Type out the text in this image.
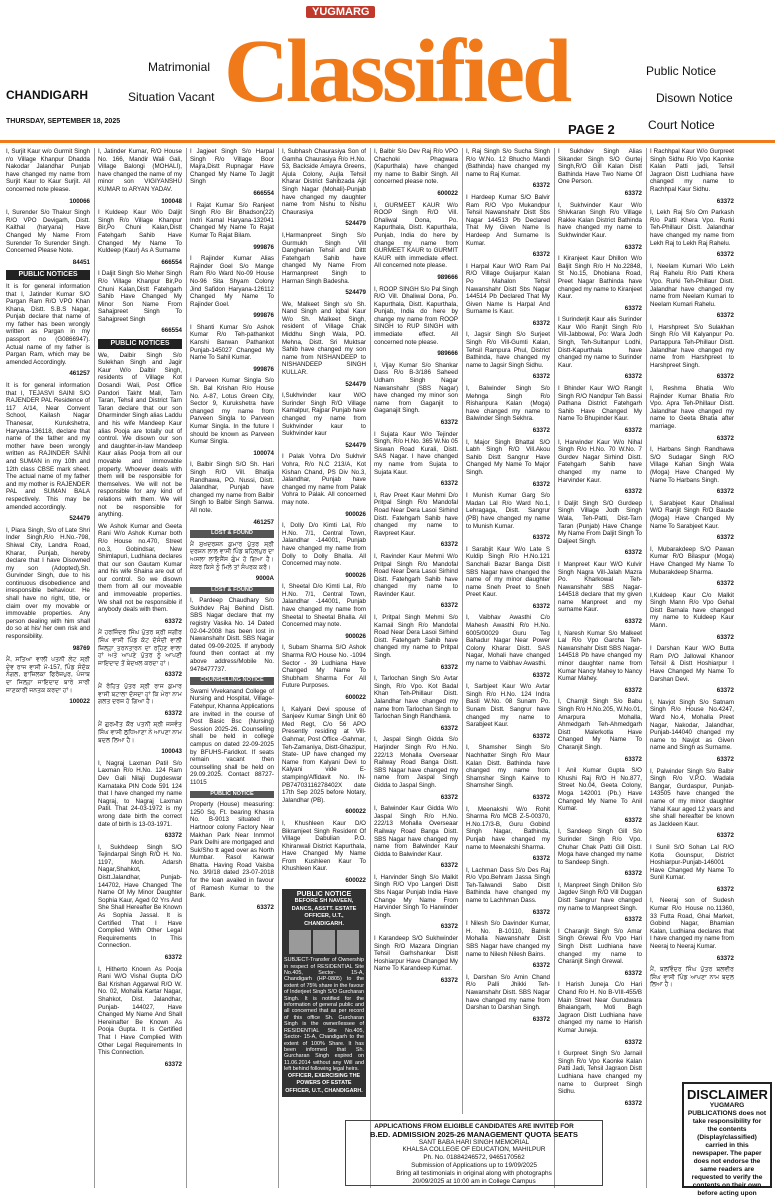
CHANDIGARH
THURSDAY, SEPTEMBER 18, 2025
Matrimonial
Situation Vacant
YUGMARG
Classified
PAGE 2
Public Notice
Disown Notice
Court Notice

I, Surjit Kaur w/o Gurmit Singh r/o Village Khanpur Dhadda Nakodar Jalandhar Punjab have changed my name from Surjit Kaur to Kaur Surjit. All concerned note please.

100066

I, Surender S/o Thakur Singh R/O VPO Devigarh, Distt. Kaithal (haryana) Have Changed My Name From Surender To Surender Singh. Concerned Please Note.

84451
PUBLIC NOTICES

It is for general information that I, Jatinder Kumar S/O Pargan Ram R/O VPO Khan Khana, Distt. S.B.S Nagar, Punjab declare that name of my father has been wrongly written as Pargan in my passport no (G0866947). Actual name of my father is Pargan Ram, which may be amended Accordingly.

461257

It is for general information that I, TEJASVI SAINI S/O RAJENDER PAL Residence of 117 A/14, Near Convent School, Kailash Nagar Thanesar, Kurukshetra, Haryana-136118, declare that name of the father and my mother have been wrongly written as RAJINDER SAINI and SUMAN in my 10th and 12th class CBSE mark sheet. The actual name of my father and my mother is RAJENDER PAL and SUMAN BALA respectively. This may be amended accordingly.

524479

I, Piara Singh, S/o of Late Shri Inder Singh,R/o H.No.-798, Shiwal City, Landra Road, Kharar, Punjab, hereby declare that I have Disowned my son (Adopted),Sh. Gurvinder Singh, due to his continuous disobedience and irresponsible behaviour. He shall have no right, title, or claim over my movable or immovable properties. Any person dealing with him shall do so at his/ her own risk and responsibility.

98769

ਮੈਂ, ਸਤਿਆ ਵਾਲੀ ਪਤਨੀ ਲੇਟ ਸ਼੍ਰੀ ਦੇਵ ਰਾਜ ਵਾਸੀ ਮੋ-157, ਪਿੰਡ ਸੰਦੋਕ ਨੰਗਲ, ਫਾਜ਼ਿਲਕਾ ਫਿਰੋਜ਼ਪੁਰ, ਪੰਜਾਬ ਦਾ ਜਿਲ੍ਹਾ ਜਾਇਦਾਦ ਬਾਰੇ ਸਾਰੀ ਜਾਣਕਾਰੀ ਜਨਤਕ ਕਰਦਾ ਹਾਂ।

100022

I, Jatinder Kumar, R/O House No. 166, Mandir Wali Gali, Village Balongi (MOHALI), have changed the name of my minor son VIGIYANSHU KUMAR to ARYAN YADAV.

100048

I Kuldeep Kaur W/o Daljit Singh R/o Village Khanpur Bir,Po Chuni Kalan,Distt Fatehgarh Sahib Have Changed My Name To Kuldeep (Kaur) As A Surname

666554

I Daljit Singh S/o Meher Singh R/o Village Khanpur Bir,Po Chuni Kalan,Distt Fatehgarh Sahib Have Changed My Minor Son Name From Sahajpreet Singh To Sahajpreet Singh

666554
PUBLIC NOTICES

We, Dalbir Singh S/o Sulekhan Singh and Jagir Kaur W/o Dalbir Singh, residents of Village Kot Dosandi Wali, Post Office Pandori Takht Mall, Tarn Taran, Tehsil and District Tarn Taran declare that our son Dharminder Singh alias Laddu and his wife Mandeep Kaur alias Pooja are totally out of control. We disown our son and daughter-in-law Mandeep Kaur alias Pooja from all our movable and immovable property. Whoever deals with them will be responsible for themselves. We will not be responsible for any kind of relations with them. We will not be responsible for anything.

We Ashok Kumar and Geeta Rani W/o Ashok Kumar both R/o House no.470, Street no.3, Gobindsar, New Shimlapuri, Ludhiana declares that our son Gautam Kumar and his wife Shaina are out of our control. So we disown them from all our moveable and immoveable properties. We shall not be responsible if anybody deals with them.

63372

ਮੈਂ ਹਰਜਿੰਦਰ ਸਿੰਘ ਪੁੱਤਰ ਸ਼੍ਰੀ ਜਗੀਰ ਸਿੰਘ ਵਾਸੀ ਪਿੰਡ ਕੋਟ ਦੋਸੰਦੀ ਵਾਲੀ ਜ਼ਿਲ੍ਹਾ ਤਰਨਤਾਰਨ ਦਾ ਰਹਿਣ ਵਾਲਾ ਹਾਂ ਅਤੇ ਆਪਣੇ ਪੁੱਤਰ ਨੂੰ ਆਪਣੀ ਜਾਇਦਾਦ ਤੋਂ ਬੇਦਖਲ ਕਰਦਾ ਹਾਂ।

63372

ਮੈਂ ਰੋਹਿਤ ਪੁੱਤਰ ਸ਼੍ਰੀ ਰਾਜ ਕੁਮਾਰ ਵਾਸੀ ਬਟਾਲਾ ਦੱਸਦਾ ਹਾਂ ਕਿ ਮੇਰਾ ਨਾਮ ਗਲਤ ਦਰਜ ਹੋ ਗਿਆ ਹੈ।

63372

ਮੈਂ ਗੁਰਮੀਤ ਕੌਰ ਪਤਨੀ ਸ਼੍ਰੀ ਜਸਵੰਤ ਸਿੰਘ ਵਾਸੀ ਲੁਧਿਆਣਾ ਨੇ ਆਪਣਾ ਨਾਮ ਬਦਲ ਲਿਆ ਹੈ।

100043

I, Nagraj Laxman Patil S/o Laxman R/o H.No. 124 Ram Dev Gali Nilaji Dugdeswar Karnataka PIN Code 591 124 that I have changed my name Nagraj, to Nagraj Laxman Patil. That 24-03-1972 is my wrong date birth the correct date of birth is 13-03-1971.

63372

I, Sukhdeep Singh S/O Tejindarpal Singh R/O H. No. 1197, Moh. Adarsh Nagar,Shahkot, Distt.Jalandhar, Punjab-144702, Have Changed The Name Of My Minor Daughter Sophia Kaur, Aged 02 Yrs And She Shall Hereafter Be Known As Sophia Jassal. It is Certified That I Have Complied With Other Legal Requirements In This Connection.

63372

I, Hitherto Known As Pooja Rani W/O Vishal Gupta D/O Bal Krishan Aggarwal R/O W. No. 02, Mohalla Kartar Nagar, Shahkot, Dist. Jalandhar, Punjab- 144027, Have Changed My Name And Shall Hereinafter Be Known As Pooja Gupta. It is Certified That I Have Complied With Other Legal Requirements In This Connection.

63372

I Jagjeet Singh S/o Harpal Singh R/o Village Boor Majra,Distt Rupnagar Have Changed My Name To Jagjit Singh

666554

I Rajat Kumar S/o Ranjeet Singh R/o Bir Bhadson(22) Indri Karnal Haryana-132041 Changed My Name To Rajat Kumar To Rajat Bilam.

999876

I Rajinder Kumar Alias Rajinder Goel S/o Mange Ram R/o Ward No-09 House No-96 Sita Shyam Colony Jind Safidon Haryana-126112 Changed My Name To Rajinder Goel.

999876

I Shanti Kumar S/o Ashok Kumar R/o Teh-pathankot Kanshi Barwan Pathankot Punjab-145027 Changed My Name To Sahil Kumar.

999876

I Parveen Kumar Singla S/o Sh. Bal Krishan R/o House No. A-87, Lotus Green City, Sector 9, Kurukshetra have changed my name from Parveen Singla to Parveen Kumar Singla. In the future I should be known as Parveen Kumar Singla.

100074

I, Balbir Singh S/O Sh. Hari Singh R/O Vill. Bhatija Randhawa, PO. Nussi, Distt. Jalandhar, Punjab have changed my name from Balbir Singh to Balbir Singh Sanwa. All note.

461257
LOST & FOUND

ਮੈਂ ਸੁਖਦਰਸ਼ਨ ਕੁਮਾਰ ਪੁੱਤਰ ਸ਼੍ਰੀ ਦਰਸ਼ਨ ਲਾਲ ਵਾਸੀ ਪਿੰਡ ਬਹਿਲਪੁਰ ਦਾ ਅਸਲਾ ਲਾਇਸੈਂਸ ਗੁੰਮ ਹੋ ਗਿਆ ਹੈ। ਜੇਕਰ ਕਿਸੇ ਨੂੰ ਮਿਲੇ ਤਾਂ ਸੰਪਰਕ ਕਰੋ।

9000A
LOST & FOUND

I, Pardeep Chaudhary S/o Sukhdev Raj Behind Distt. SBS Nagar declare that my registry Vasika No. 14 Dated 02-04-2008 has been lost in Nawanshahr Distt. SBS Nagar dated 09-09-2025. If anybody found then contact at my above address/Mobile No. 9478477737.

COUNSELLING NOTICE

Swami Vivekanand College of Nursing and Hospital, Village-Fatehpur, Khanna Applications are invited in the course of Post Basic Bsc (Nursing) Session 2025-26. Counselling shall be held in college campus on dated 22-09-2025 by BFUHS-Faridkot. If seats remain vacant then counselling shall be held on 29.09.2025. Contact 88727-11015

PUBLIC NOTICE

Property (House) measuring: 1250 Sq. Ft. bearing Khasra No. B-9013 situated in Hartnoor colony Factory Near Makhan Park Near Inmmol Park Delhi are mortgaged and Suk/Sho tt aged over as North Mumbar. Rasol Kanwar Bhatta. Having Road Vaisba No. 3/9/18 dated 23-07-2018 for the loan availed in favour of Ramesh Kumar to the Bank.

63372

I, Subhash Chaurasiya Son of Gamha Chaurasiya R/o H.No. 53, Backside Amayra Greens, Ajula Colony, Aujla Tehsil Kharar District Sahibzada Ajit Singh Nagar (Mohali)-Punjab have changed my daughter name from Nishu to Nishu Chaurasiya

524479

I,Harmanpreet Singh S/o Gurmukh Singh Vill Dangherian Tehsil and Dittt Fatehgarh Sahib have changed My Name From Harmanpreet Singh to Harman Singh Badesha.

524479

We, Malkeet Singh s/o Sh. Nand Singh and Iqbal Kaur W/o Sh. Malkeet Singh, resident of Village Chak Middhu Singh Wala, PO. Mehna, Distt. Sri Muktsar Sahib have changed my son name from NISHANDEEP to NISHANDEEP SINGH KULLAR.

524479

I,Sukhvinder kaur W/O Surinder Singh R/O Village Kamalpur, Rajpar Punjab have changed my name from Sukhvinder kaur to Sukhvinder kaur

524479

I Palak Vohra D/o Sukhvir Vohra, R/o N.C 213/A, Kot Kishan Chand, PS Div No.3, Jalandhar, Punjab have changed my name from Palak Vohra to Palak. All concerned may note.

900026

I, Dolly D/o Kimti Lal, R/o H.No. 7/1, Central Town, Jalandhar -144001, Punjab have changed my name from Dolly to Dolly Bhalla. All Concerned may note.

900026

I, Sheetal D/o Kimti Lal, R/o H.No. 7/1, Central Town, Jalandhar -144001, Punjab have changed my name from Sheetal to Sheetal Bhalla. All Concerned may note.

900026

I, Subam Sharma S/O Ashok Sharma R/O House No. -1094 Sector - 39 Ludhiana Have Changed My Name To Shubham Sharma For All Future Purposes.

600022

I, Kalyani Devi spouse of Sanjeev Kumar Singh Unit 60 Med Regt, C/o 56 APO Presently residing at Vill-Gahmar, Post Office -Gahmar, Teh-Zamaniya, Distt-Ghazipur, State- UP have changed my Name from Kalyani Devi to Kalyani vide E-stamping/Affidavit No. IN-PB74703116278402X date 17th Sep 2025 before Notary, Jalandhar (PB).

600022

I, Khushleen Kaur D/O Bikramjeet Singh Resident Of Village Dabulian P.O. Khiranwali District Kapurthala, Have Changed My Name From Kushleen Kaur To Khushleen Kaur.

600022
PUBLIC NOTICE
BEFORE SH NAVEEN, DANCS, ASSTT. ESTATE OFFICER, U.T., CHANDIGARH.
SUBJECT-Transfer of Ownership in respect of RESIDENTIAL Site No.405, Sector- 15-A, Chandigarh (HP-0805) to the extent of 75% share in the favour of Inderjeet Singh S/O Gurcharan Singh. It is notified for the information of general public and all concerned that as per record of this office Sh. Gurcharan Singh is the owner/lessee of RESIDENTIAL Site No.405, Sector- 15-A, Chandigarh to the extent of 100% Share. It has been informed that Sh. Gurcharan Singh expired on 11.06.2014 without any Will and left behind following legal heirs.
OFFICER, EXERCISING THE POWERS OF ESTATE OFFICER, U.T., CHANDIGARH.

I, Balbir S/o Dev Raj R/o VPO Chachoki Phagwara (Kapurthala) have changed my name to Balbir Singh. All concerned please note.

600022

I, GURMEET KAUR W/o ROOP Singh R/O Vill. Dhaliwal Dona, Po. Kapurthala, Distt. Kapurthala, Punjab, India do here by change my name from GURMEET KAUR to GURMIT KAUR with immediate effect. All concerned note please.

989666

I, ROOP SINGH S/o Pal Singh R/O Vill. Dhaliwal Dona, Po. Kapurthala, Distt. Kapurthala, Punjab, India do here by change my name from ROOP SINGH to RUP SINGH with immediate effect. All concerned note please.

989666

I, Vijay Kumar S/o Shankar Dass R/o B-3/186 Saheed Udham Singh Nagar Nawanshahr (SBS Nagar) have changed my minor son name from Gaganjit to Gaganajit Singh.

63372

I Sujata Kaur W/o Tejinder Singh, R/o H.No. 365 W.No 05 Siswan Road Kurali, Distt. SAS Nagar. I have changed my name from Sujata to Sujata Kaur.

63372

I, Rav Preet Kaur Mehmi D/o Pritpal Singh R/o Mandofal Road Near Dera Lasoi Sirhind Distt. Fatehgarh Sahib have changed my name to Ravpreet Kaur.

63372

I, Ravinder Kaur Mehmi W/o Pritpal Singh R/o Mandofal Road Near Dera Lasoi Sirhind Distt. Fatehgarh Sahib have changed my name to Ravinder Kaur.

63372

I, Pritpal Singh Mehmi S/o Karnail Singh R/o Mandofal Road Near Dera Lasoi Sirhind Distt. Fatehgarh Sahib have changed my name to Pritpal Singh.

63372

I, Tarlochan Singh S/o Avtar Singh, R/o Vpo. Kot Badal Khan Teh-Phillaur Distt. Jalandhar have changed my name from Tarlochan Singh to Tarlochan Singh Randhawa.

63372

I, Jaspal Singh Gidda S/o Harjinder Singh R/o H.No. 222/13 Mohalla Overseaar Railway Road Banga Distt. SBS Nagar have changed my name from Jaspal Singh Gidda to Jaspal Singh.

63372

I, Balwinder Kaur Gidda W/o Jaspal Singh R/o H.No. 222/13 Mohalla Overseaar Railway Road Banga Distt. SBS Nagar have changed my name from Balwinder Kaur Gidda to Balwinder Kaur.

63372

I, Harvinder Singh S/o Malkit Singh R/O Vpo Langeri Distt Sbs Nagar Punjab India Have Change My Name From Harvinder Singh To Harwinder Singh.

63372

I Karandeep S/O Sukhwinder Singh R/O Mazara Dingrian Tehsil Garhshankar Distt Hoshiarpur Have Changed My Name To Karandeep Kumar.

63372

I, Raj Singh S/o Sucha Singh R/o W.No. 12 Bhucho Mandi (Bathinda) have changed my name to Raj Kumar.

63372

I Hardeep Kumar S/O Balvir Ram R/O Vpo Mukandpur Tehsil Nawanshahr Distt Sbs Nagar 144513 Pb Declared That My Given Name Is Hardeep And Surname Is Kumar.

63372

I Harpal Kaur W/O Ram Pal R/O Village Guijarpur Kalan Po Mahalon Tehsil Nawanshahr Distt Sbs Nagar 144514 Pb Declared That My Given Name Is Harpal And Surname Is Kaur.

63372

I, Jagsir Singh S/o Surjeet Singh R/o Vill-Gumti Kalan, Tehsil Rampura Phul, District Bathinda, have changed my name to Jagsir Singh Sidhu.

63372

I, Balwinder Singh S/o Mehnga Singh R/o Rishanpura Kalan (Moga) have changed my name to Balwinder Singh Sekhra.

63372

I, Major Singh Bhattal S/O Labh Singh R/O Vill.Akou Sahib Distt Sangrur Have Changed My Name To Major Singh.

63372

I Munish Kumar Garg S/o Madan Lal R/o Ward No.1, Lehragaga, Distt. Sangrur (PB) have changed my name to Munish Kumar.

63372

I Sarabjit Kaur W/o Late S Kuldip Singh R/o H.No.121 Sanchali Bazar Banga Distt SBS Nagar have changed the name of my minor daughter name Sneh Preet to Sneh Preet Kaur.

63372

I, Vaibhav Awasthi C/o Mahesh Awasthi R/o H.No. 6005/00029 Guru Teg Bahadur Nagar Near Power Colony Kharar Distt. SAS Nagar, Mohali have changed my name to Vaibhav Awasthi.

63372

I, Sarbjeet Kaur W/o Avtar Singh R/o H.No. 124 Indra Basti W.No. 08 Sunam Po. Sunam Distt. Sangrur have changed my name to Sarabjeet Kaur.

63372

I, Shamsher Singh S/o Nachhatter Singh R/o Maur Kalan Distt. Bathinda have changed my name from Shamsher Singh Kairve to Shamsher Singh.

63372

I, Meenakshi W/o Rohit Sharma R/o MCB Z-5-00370, H.No.17/3-B, Guru Gobind Singh Nagar, Bathinda, Punjab have changed my name to Meenakshi Sharma.

63372

I, Lachman Dass S/o Des Raj R/o Vpo.Behram Jassa Singh Teh-Talwandi Sabo Distt Bathinda have changed my name to Lachhman Dass.

63372

I Nilesh S/o Davinder Kumar, H. No. B-10110, Balmik Mohalla Nawanshahr Distt SBS Nagar have changed my name to Nilesh Nilesh Bains.

63372

I, Darshan S/o Amin Chand R/o Palli Jhikki Teh-Nawanshahr Distt. SBS Nagar have changed my name from Darshan to Darshan Singh.

63372

I Sukhdev Singh Alias Sikander Singh S/O Gurtej Singh,R/O Gill Kalan Distt Bathinda Have Two Name Of One Person.

63372

I, Sukhvinder Kaur W/o Shivkaran Singh R/o Village Rakke Kalan District Bathinda have changed my name to Sukhwinder Kaur.

63372

I Kiranjeet Kaur Dhillon W/o Baljit Singh R/o H No.22848, St No.15, Dhobiana Road, Preet Nagar Bathinda have changed my name to Kiranjeet Kaur.

63372

I Surinderjit Kaur alis Surinder Kaur W/o Ranjit Singh R/o Vill-Jabbowal, Po: Wara Jodh Singh, Teh-Sultanpur Lodhi, Distt-Kapurthala have changed my name to Surinder Kaur.

63372

I Bhinder Kaur W/O Rangit Singh R/O Nandpur Teh Bassi Pathana District Fatehgarh Sahib Have Changed My Name To Bhupinder Kaur.

63372

I, Harwinder Kaur W/o Nihal Singh R/o H.No. 70 W.No. 7 Gurdev Nagar Sirhind Distt. Fatehgarh Sahib have changed my name to Harvinder Kaur.

63372

I Daljit Singh S/O Gurdeep Singh Village Jodh Singh Wala, Teh-Patti, Dist-Tarn Taran (Punjab) Have Change My Name From Daljit Singh To Daljeet Singh.

63372

I Manpreet Kaur W/O Kulvir Singh Nagra Vill-Jalah Mazra Po. Kharkowal Teh-Nawanshahr SBS Nagar-144518 declare that my given name Manpreet and my surname Kaur.

63372

I, Naresh Kumar S/o Malkeet Lal R/o Vpo Garcha Teh-Nawanshahr Distt SBS Nagar-144518 Pb have changed my minor daughter name from Kumar Nancy Mahey to Nancy Kumar Mahey.

63372

I, Charnjit Singh S/o Babu Singh R/o H.No.205, W.No.01, Amarpura Mohalla, Ahmedgarh Teh-Ahmedgarh Distt Malerkotla Have Changed My Name To Charanjit Singh.

63372

I Anil Kumar Gupta S/O Khushi Raj R/O H No.877, Street No.04, Geeta Colony, Moga 142001 (Pb.) Have Changed My Name To Anil Kumar.

63372

I, Sandeep Singh Gill S/o Surinder Singh R/o Vpo. Chuhar Chak Patti Gill Distt. Moga have changed my name to Sandeep Singh.

63372

I, Manpreet Singh Dhillon S/o Jagdev Singh R/O Vill Duggan Distt Sangrur have changed my name to Manpreet Singh.

63372

I Charanjit Singh S/o Amar Singh Grewal R/o Vpo Hari Singh Distt Ludhiana have changed my name to Charanjit Singh Grewal.

63372

I Harish Juneja C/o Hari Chand R/o H. No B-VIII-455/B Main Street Near Gurudwara Bhaiangarh, Moti Bagh Jagraon Distt Ludhiana have changed my name to Harish Kumar Juneja.

63372

I Gurpreet Singh S/o Jarnail Singh R/o Vpo Kaonke Kalan Patti Jadi, Tehsil Jagraon Distt Ludhiana have changed my name to Gurpreet Singh Sidhu.

63372

I Rachhpal Kaur W/o Gurpreet Singh Sidhu R/o Vpo Kaonke Kalan Patti jadi, Tehsil Jagraon Distt Ludhiana have changed my name to Rachhpal Kaur Sidhu.

63372

I, Lekh Raj S/o Om Parkash R/o Patti Khera Vpo. Rurki Teh-Phillaur Distt. Jalandhar have changed my name from Lekh Raj to Lekh Raj Rahelu.

63372

I, Neelam Kumari W/o Lekh Raj Rahelu R/o Patti Khera Vpo. Rurki Teh-Phillaur Distt. Jalandhar have changed my name from Neelam Kumari to Neelam Kumari Rahelu.

63372

I, Harshpreet S/o Sulakhan Singh R/o Vill Kalyanpur Po. Partappura Teh-Phillaur Distt. Jalandhar have changed my name from Harshpreet to Harshpreet Singh.

63372

I, Reshma Bhatia W/o Rajinder Kumar Bhatia R/o Vpo. Apra Teh-Phillaur Distt. Jalandhar have changed my name to Geeta Bhatia after marriage.

63372

I, Harbans Singh Randhawa S/O Sudagar Singh R/O Village Kahan Singh Wala (Moga) Have Changed My Name To Harbans Singh.

63372

I, Sarabjeet Kaur Dhaliwal W/O Ranjit Singh R/O Baude (Moga) Have Changed My Name To Sarabjeet Kaur.

63372

I, Mubarakdeep S/O Pawan Kumar R/O Bilaspur (Moga) Have Changed My Name To Mubarakdeep Sharma.

63372

I,Kuldeep Kaur C/o Malkit Singh Mann R/o Vpo Gehal Distt Barnala have changed my name to Kuldeep Kaur Mann.

63372

I Darshan Kaur W/O Butta Ram P/O Jallowal Khanoor Tehsil & Distt Hoshiarpur I Have Changed My Name To Darshan Devi.

63372

I, Navjot Singh S/o Satnam Singh R/o House No.4247, Ward No.4, Mohalla Preet Nagar, Nakodar, Jalandhar, Punjab-144040 changed my name to Navjot as Given name and Singh as Surname.

63372

I, Palwinder Singh S/o Balbir Singh R/o V.P.O. Wadala Bangar, Gurdaspur, Punjab-143505 have changed the name of my minor daughter Yahal Kaur aged 12 years and she shall hereafter be known as Jackleen Kaur.

63372

I Sunil S/O Sohan Lal R/O Kotla Gounspur, District Hoshiarpur-Punjab-146001 Have Changed My Name To Sunil Kumar.

63372

I, Neeraj son of Sudesh Kumar R/o House no.11360, 33 Futta Road, Ghai Market, Gobind Nagar, Bhamian Kalan, Ludhiana declares that I have changed my name from Neeraj to Neeraj Kumar.

63372

ਮੈਂ, ਬਲਵਿੰਦਰ ਸਿੰਘ ਪੁੱਤਰ ਬਲਵੀਰ ਸਿੰਘ ਵਾਸੀ ਪਿੰਡ ਆਪਣਾ ਨਾਮ ਬਦਲ ਲਿਆ ਹੈ।

APPLICATIONS FROM ELIGIBLE CANDIDATES ARE INVITED FOR
B.ED. ADMISSION 2025-26 MANAGEMENT QUOTA SEATS
SANT BABA HARI SINGH MEMORIAL
KHALSA COLLEGE OF EDUCATION, MAHILPUR
Ph. No. 01884246572, 9465170562
Submission of Applications up to 19/09/2025
Bring all testimonials in original along with photographs
20/09/2025 at 10:00 am in College Campus
DISCLAIMER
YUGMARG PUBLICATIONS does not take responsibility for the contents (Display/classified) carried in this newspaper. The paper does not endorse the same readers are requested to verify the contents on their own before acting upon
